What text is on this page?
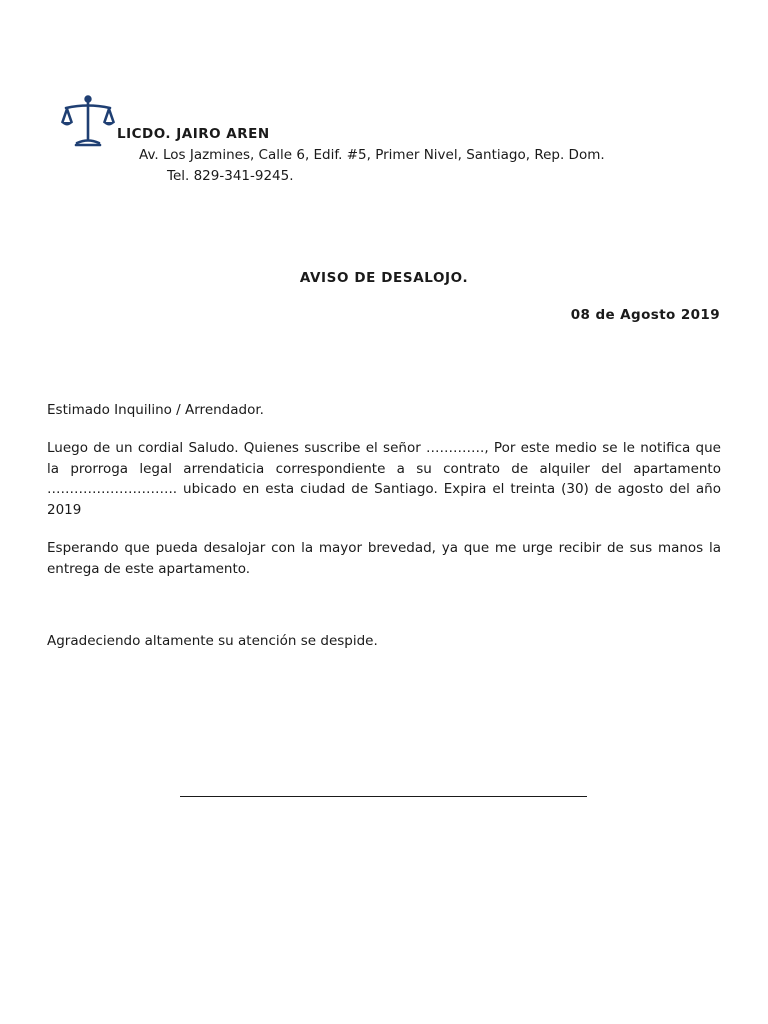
LICDO. JAIRO AREN
Av. Los Jazmines, Calle 6, Edif. #5, Primer Nivel, Santiago, Rep. Dom.
Tel. 829-341-9245.
AVISO DE DESALOJO.
08 de Agosto 2019
Estimado Inquilino / Arrendador.

Luego de un cordial Saludo. Quienes suscribe el señor …………., Por este medio se le notifica que la prorroga legal arrendaticia correspondiente a su contrato de alquiler del apartamento ……………………….. ubicado en esta ciudad de Santiago. Expira el treinta (30) de agosto del año 2019

Esperando que pueda desalojar con la mayor brevedad, ya que me urge recibir de sus manos la entrega de este apartamento.

Agradeciendo altamente su atención se despide.
